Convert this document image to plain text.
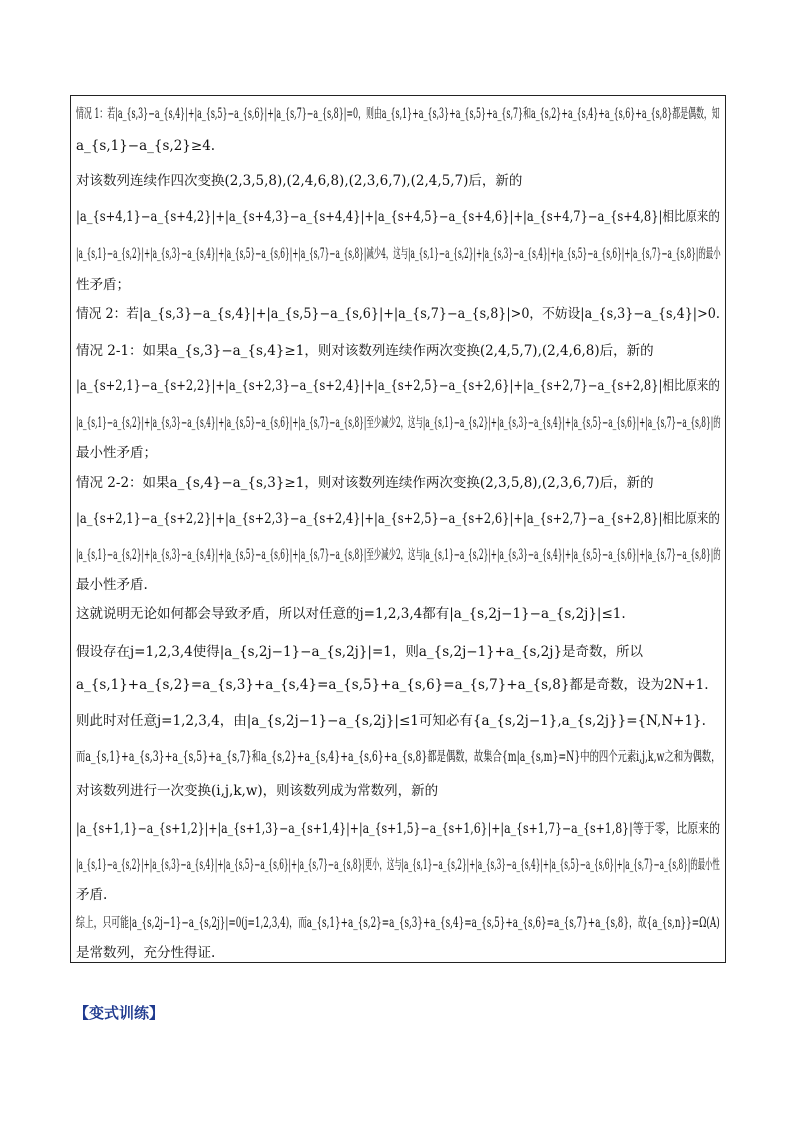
情况 1：若|a_{s,3}−a_{s,4}|+|a_{s,5}−a_{s,6}|+|a_{s,7}−a_{s,8}|=0，则由a_{s,1}+a_{s,3}+a_{s,5}+a_{s,7}和a_{s,2}+a_{s,4}+a_{s,6}+a_{s,8}都是偶数，知
a_{s,1}−a_{s,2}≥4.
对该数列连续作四次变换(2,3,5,8),(2,4,6,8),(2,3,6,7),(2,4,5,7)后，新的
|a_{s+4,1}−a_{s+4,2}|+|a_{s+4,3}−a_{s+4,4}|+|a_{s+4,5}−a_{s+4,6}|+|a_{s+4,7}−a_{s+4,8}|相比原来的
|a_{s,1}−a_{s,2}|+|a_{s,3}−a_{s,4}|+|a_{s,5}−a_{s,6}|+|a_{s,7}−a_{s,8}|减少4，这与|a_{s,1}−a_{s,2}|+|a_{s,3}−a_{s,4}|+|a_{s,5}−a_{s,6}|+|a_{s,7}−a_{s,8}|的最小
性矛盾；
情况 2：若|a_{s,3}−a_{s,4}|+|a_{s,5}−a_{s,6}|+|a_{s,7}−a_{s,8}|>0，不妨设|a_{s,3}−a_{s,4}|>0.
情况 2-1：如果a_{s,3}−a_{s,4}≥1，则对该数列连续作两次变换(2,4,5,7),(2,4,6,8)后，新的
|a_{s+2,1}−a_{s+2,2}|+|a_{s+2,3}−a_{s+2,4}|+|a_{s+2,5}−a_{s+2,6}|+|a_{s+2,7}−a_{s+2,8}|相比原来的
|a_{s,1}−a_{s,2}|+|a_{s,3}−a_{s,4}|+|a_{s,5}−a_{s,6}|+|a_{s,7}−a_{s,8}|至少减少2，这与|a_{s,1}−a_{s,2}|+|a_{s,3}−a_{s,4}|+|a_{s,5}−a_{s,6}|+|a_{s,7}−a_{s,8}|的
最小性矛盾；
情况 2-2：如果a_{s,4}−a_{s,3}≥1，则对该数列连续作两次变换(2,3,5,8),(2,3,6,7)后，新的
|a_{s+2,1}−a_{s+2,2}|+|a_{s+2,3}−a_{s+2,4}|+|a_{s+2,5}−a_{s+2,6}|+|a_{s+2,7}−a_{s+2,8}|相比原来的
|a_{s,1}−a_{s,2}|+|a_{s,3}−a_{s,4}|+|a_{s,5}−a_{s,6}|+|a_{s,7}−a_{s,8}|至少减少2，这与|a_{s,1}−a_{s,2}|+|a_{s,3}−a_{s,4}|+|a_{s,5}−a_{s,6}|+|a_{s,7}−a_{s,8}|的
最小性矛盾.
这就说明无论如何都会导致矛盾，所以对任意的j=1,2,3,4都有|a_{s,2j−1}−a_{s,2j}|≤1.
假设存在j=1,2,3,4使得|a_{s,2j−1}−a_{s,2j}|=1，则a_{s,2j−1}+a_{s,2j}是奇数，所以
a_{s,1}+a_{s,2}=a_{s,3}+a_{s,4}=a_{s,5}+a_{s,6}=a_{s,7}+a_{s,8}都是奇数，设为2N+1.
则此时对任意j=1,2,3,4，由|a_{s,2j−1}−a_{s,2j}|≤1可知必有{a_{s,2j−1},a_{s,2j}}={N,N+1}.
而a_{s,1}+a_{s,3}+a_{s,5}+a_{s,7}和a_{s,2}+a_{s,4}+a_{s,6}+a_{s,8}都是偶数，故集合{m|a_{s,m}=N}中的四个元素i,j,k,w之和为偶数，
对该数列进行一次变换(i,j,k,w)，则该数列成为常数列，新的
|a_{s+1,1}−a_{s+1,2}|+|a_{s+1,3}−a_{s+1,4}|+|a_{s+1,5}−a_{s+1,6}|+|a_{s+1,7}−a_{s+1,8}|等于零，比原来的
|a_{s,1}−a_{s,2}|+|a_{s,3}−a_{s,4}|+|a_{s,5}−a_{s,6}|+|a_{s,7}−a_{s,8}|更小，这与|a_{s,1}−a_{s,2}|+|a_{s,3}−a_{s,4}|+|a_{s,5}−a_{s,6}|+|a_{s,7}−a_{s,8}|的最小性
矛盾.
综上，只可能|a_{s,2j−1}−a_{s,2j}|=0(j=1,2,3,4)，而a_{s,1}+a_{s,2}=a_{s,3}+a_{s,4}=a_{s,5}+a_{s,6}=a_{s,7}+a_{s,8}，故{a_{s,n}}=Ω(A)
是常数列，充分性得证.
【变式训练】
